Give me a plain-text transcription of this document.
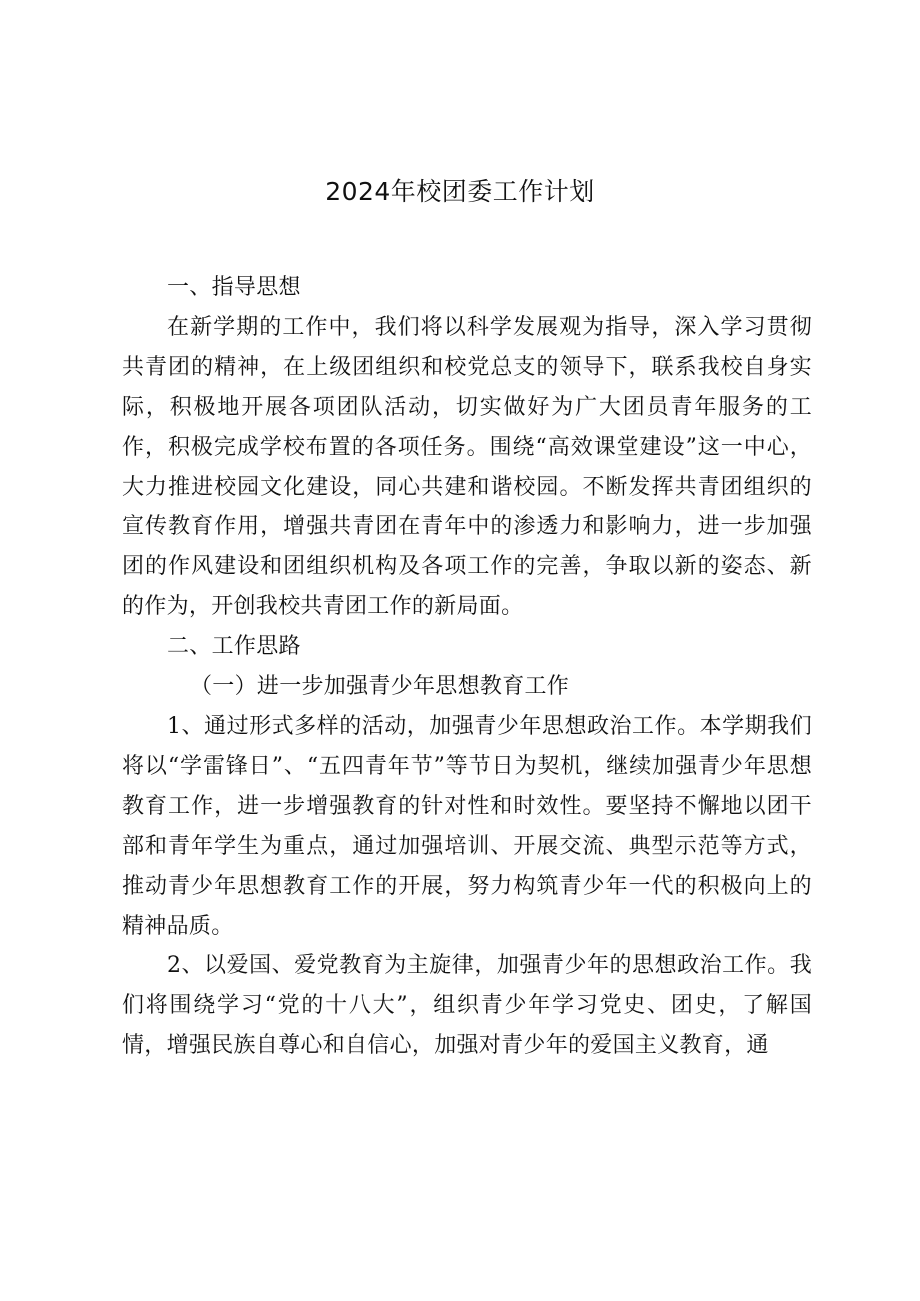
2024年校团委工作计划

一、指导思想

在新学期的工作中，我们将以科学发展观为指导，深入学习贯彻共青团的精神，在上级团组织和校党总支的领导下，联系我校自身实际，积极地开展各项团队活动，切实做好为广大团员青年服务的工作，积极完成学校布置的各项任务。围绕“高效课堂建设”这一中心，大力推进校园文化建设，同心共建和谐校园。不断发挥共青团组织的宣传教育作用，增强共青团在青年中的渗透力和影响力，进一步加强团的作风建设和团组织机构及各项工作的完善，争取以新的姿态、新的作为，开创我校共青团工作的新局面。

二、工作思路

（一）进一步加强青少年思想教育工作

1、通过形式多样的活动，加强青少年思想政治工作。本学期我们将以“学雷锋日”、“五四青年节”等节日为契机，继续加强青少年思想教育工作，进一步增强教育的针对性和时效性。要坚持不懈地以团干部和青年学生为重点，通过加强培训、开展交流、典型示范等方式，推动青少年思想教育工作的开展，努力构筑青少年一代的积极向上的精神品质。

2、以爱国、爱党教育为主旋律，加强青少年的思想政治工作。我们将围绕学习“党的十八大”，组织青少年学习党史、团史，了解国情，增强民族自尊心和自信心，加强对青少年的爱国主义教育，通
